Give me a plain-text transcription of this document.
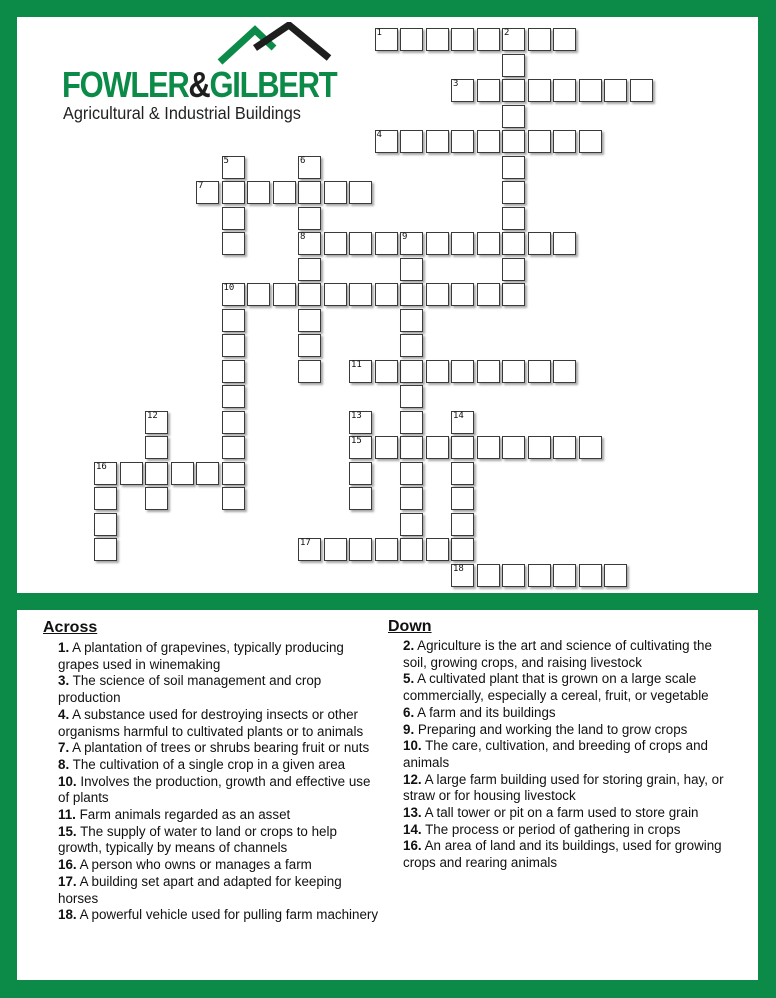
FOWLER&GILBERT
Agricultural & Industrial Buildings
1	2
3
4
5	6
8
7
9
10
11
12	13
15
14
18
16
17
Across
1. A plantation of grapevines, typically producing grapes used in winemaking
3. The science of soil management and crop production
4. A substance used for destroying insects or other organisms harmful to cultivated plants or to animals
7. A plantation of trees or shrubs bearing fruit or nuts
8. The cultivation of a single crop in a given area
10. Involves the production, growth and effective use of plants
11. Farm animals regarded as an asset
15. The supply of water to land or crops to help growth, typically by means of channels
16. A person who owns or manages a farm
17. A building set apart and adapted for keeping horses
18. A powerful vehicle used for pulling farm machinery
Down
2. Agriculture is the art and science of cultivating the soil, growing crops, and raising livestock
5. A cultivated plant that is grown on a large scale commercially, especially a cereal, fruit, or vegetable
6. A farm and its buildings
9. Preparing and working the land to grow crops
10. The care, cultivation, and breeding of crops and animals
12. A large farm building used for storing grain, hay, or straw or for housing livestock
13. A tall tower or pit on a farm used to store grain
14. The process or period of gathering in crops
16. An area of land and its buildings, used for growing crops and rearing animals
